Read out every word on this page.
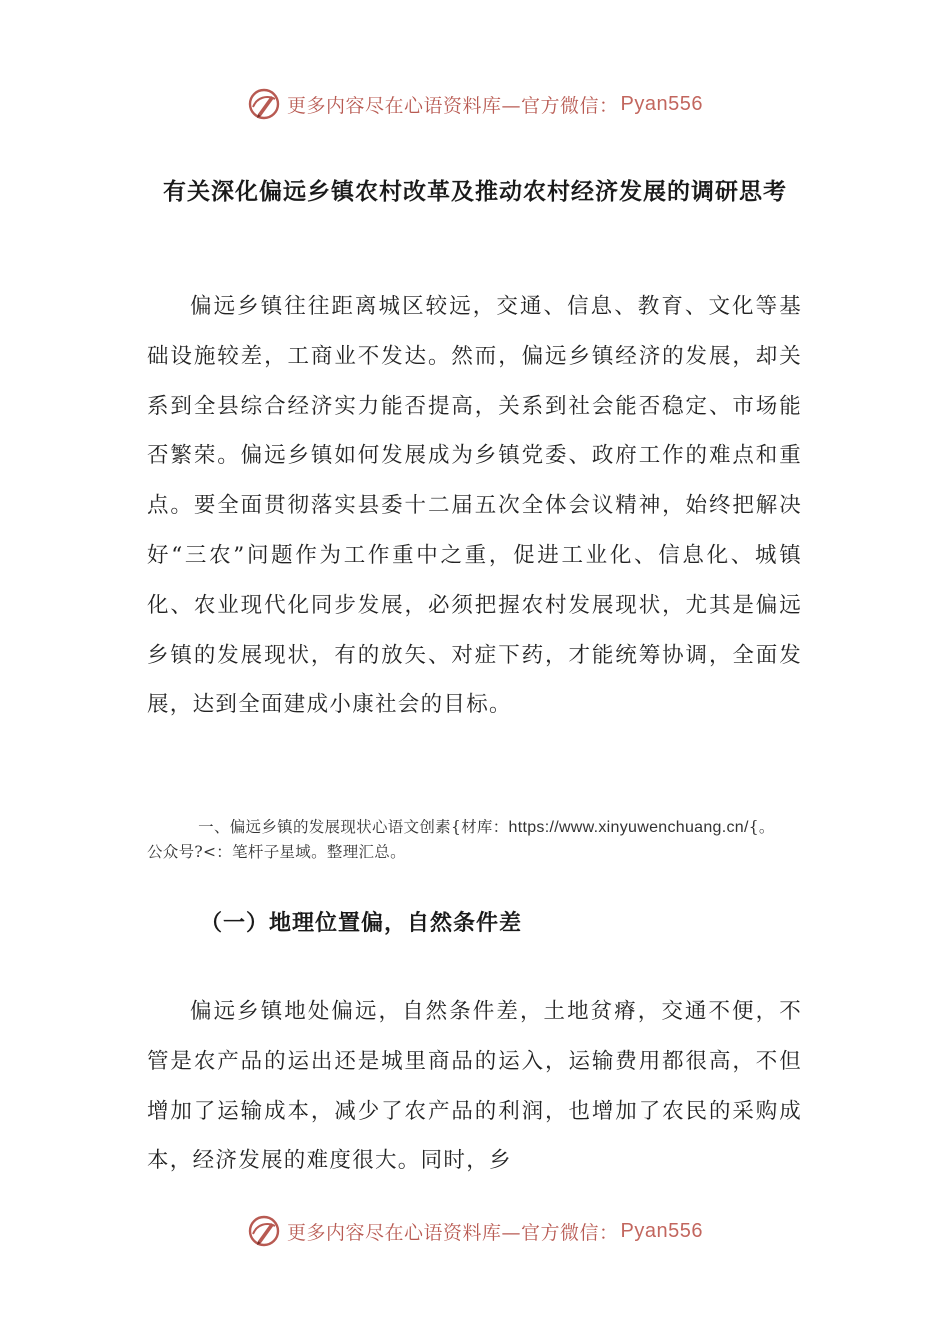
更多内容尽在心语资料库—官方微信： Pyan556
有关深化偏远乡镇农村改革及推动农村经济发展的调研思考

偏远乡镇往往距离城区较远，交通、信息、教育、文化等基础设施较差，工商业不发达。然而，偏远乡镇经济的发展，却关系到全县综合经济实力能否提高，关系到社会能否稳定、市场能否繁荣。偏远乡镇如何发展成为乡镇党委、政府工作的难点和重点。要全面贯彻落实县委十二届五次全体会议精神，始终把解决好“三农”问题作为工作重中之重，促进工业化、信息化、城镇化、农业现代化同步发展，必须把握农村发展现状，尤其是偏远乡镇的发展现状，有的放矢、对症下药，才能统筹协调，全面发展，达到全面建成小康社会的目标。

一、偏远乡镇的发展现状心语文创素{材库：https://www.xinyuwenchuang.cn/{。公众号?<：笔杆子星域。整理汇总。

（一）地理位置偏，自然条件差

偏远乡镇地处偏远，自然条件差，土地贫瘠，交通不便，不管是农产品的运出还是城里商品的运入，运输费用都很高，不但增加了运输成本，减少了农产品的利润，也增加了农民的采购成本，经济发展的难度很大。同时，乡

更多内容尽在心语资料库—官方微信： Pyan556
